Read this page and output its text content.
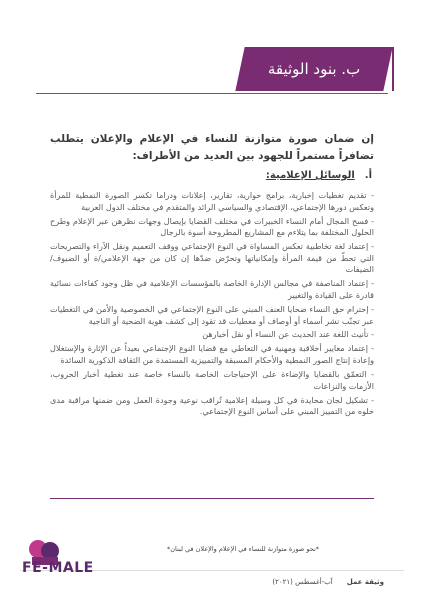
ب. بنود الوثيقة

إن ضمان صورة متوازنة للنساء في الإعلام والإعلان يتطلب تضافراً مستمراً للجهود بين العديد من الأطراف:

أ.
الوسائل الإعلامية:

- تقديم تغطيات إخبارية، برامج حوارية، تقارير، إعلانات ودراما تكسر الصورة النمطية للمرأة وتعكس دورها الإجتماعي، الإقتصادي والسياسي الرائد والمتقدم في مختلف الدول العربية

- فسح المجال أمام النساء الخبيرات في مختلف القضايا بإيصال وجهات نظرهن عبر الإعلام وطرح الحلول المختلفة بما يتلاءم مع المشاريع المطروحة أسوة بالرجال

- إعتماد لغة تخاطبية تعكس المساواة في النوع الإجتماعي ووقف التعميم ونقل الآراء والتصريحات التي تحطّ من قيمة المرأة وإمكانياتها وتحرّض ضدّها إن كان من جهة الإعلامي/ة أو الضيوف/ الضيفات

- إعتماد المناصفة في مجالس الإدارة الخاصة بالمؤسسات الإعلامية في ظل وجود كفاءات نسائية قادرة على القيادة والتغيير

- إحترام حق النساء ضحايا العنف المبني على النوع الإجتماعي في الخصوصية والأمن في التغطيات عبر تجنّب نشر أسماء أو أوصاف أو معطيات قد تقود إلى كشف هوية الضحية أو الناجية

- تأنيث اللغة عند الحديث عن النساء أو نقل أخبارهن

- إعتماد معايير أخلاقية ومهنية في التعاطي مع قضايا النوع الإجتماعي بعيداً عن الإثارة والإستغلال وإعادة إنتاج الصور النمطية والأحكام المسبقة والتمييزية المستمدة من الثقافة الذكورية السائدة

- التعمّق بالقضايا والإضاءة على الإحتياجات الخاصة بالنساء خاصة عند تغطية أخبار الحروب، الأزمات والنزاعات

- تشكيل لجان محايدة في كل وسيلة إعلامية تُراقب نوعية وجودة العمل ومن ضمنها مراقبة مدى خلوه من التمييز المبني على أساس النوع الإجتماعي.

*نحو صورة متوازنة للنساء في الإعلام والإعلان في لبنان*
وثيقة عمل
آب-أغسطس (٢٠٢١)
FE-MALE
